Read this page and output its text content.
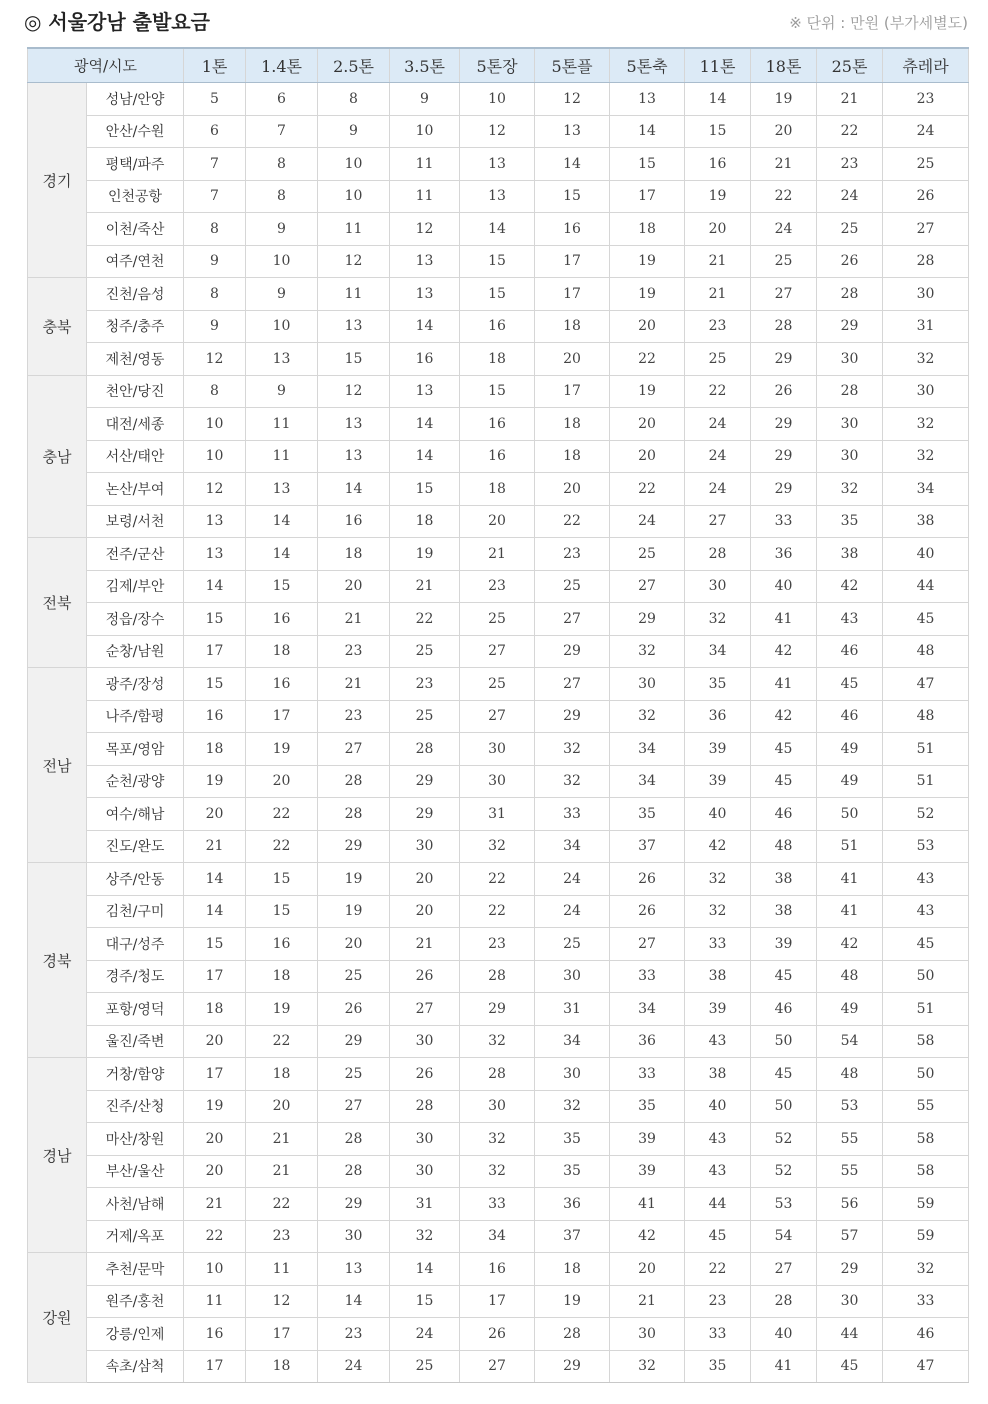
◎ 서울강남 출발요금	※ 단위 : 만원 (부가세별도)
광역/시도		1톤	1.4톤	2.5톤	3.5톤	5톤장	5톤플	5톤축	11톤	18톤	25톤	츄레라
경기	성남/안양	5	6	8	9	10	12	13	14	19	21	23
	안산/수원	6	7	9	10	12	13	14	15	20	22	24
	평택/파주	7	8	10	11	13	14	15	16	21	23	25
	인천공항	7	8	10	11	13	15	17	19	22	24	26
	이천/죽산	8	9	11	12	14	16	18	20	24	25	27
	여주/연천	9	10	12	13	15	17	19	21	25	26	28
충북	진천/음성	8	9	11	13	15	17	19	21	27	28	30
	청주/충주	9	10	13	14	16	18	20	23	28	29	31
	제천/영동	12	13	15	16	18	20	22	25	29	30	32
충남	천안/당진	8	9	12	13	15	17	19	22	26	28	30
	대전/세종	10	11	13	14	16	18	20	24	29	30	32
	서산/태안	10	11	13	14	16	18	20	24	29	30	32
	논산/부여	12	13	14	15	18	20	22	24	29	32	34
	보령/서천	13	14	16	18	20	22	24	27	33	35	38
전북	전주/군산	13	14	18	19	21	23	25	28	36	38	40
	김제/부안	14	15	20	21	23	25	27	30	40	42	44
	정읍/장수	15	16	21	22	25	27	29	32	41	43	45
	순창/남원	17	18	23	25	27	29	32	34	42	46	48
전남	광주/장성	15	16	21	23	25	27	30	35	41	45	47
	나주/함평	16	17	23	25	27	29	32	36	42	46	48
	목포/영암	18	19	27	28	30	32	34	39	45	49	51
	순천/광양	19	20	28	29	30	32	34	39	45	49	51
	여수/해남	20	22	28	29	31	33	35	40	46	50	52
	진도/완도	21	22	29	30	32	34	37	42	48	51	53
경북	상주/안동	14	15	19	20	22	24	26	32	38	41	43
	김천/구미	14	15	19	20	22	24	26	32	38	41	43
	대구/성주	15	16	20	21	23	25	27	33	39	42	45
	경주/청도	17	18	25	26	28	30	33	38	45	48	50
	포항/영덕	18	19	26	27	29	31	34	39	46	49	51
	울진/죽변	20	22	29	30	32	34	36	43	50	54	58
경남	거창/함양	17	18	25	26	28	30	33	38	45	48	50
	진주/산청	19	20	27	28	30	32	35	40	50	53	55
	마산/창원	20	21	28	30	32	35	39	43	52	55	58
	부산/울산	20	21	28	30	32	35	39	43	52	55	58
	사천/남해	21	22	29	31	33	36	41	44	53	56	59
	거제/옥포	22	23	30	32	34	37	42	45	54	57	59
강원	추천/문막	10	11	13	14	16	18	20	22	27	29	32
	원주/홍천	11	12	14	15	17	19	21	23	28	30	33
	강릉/인제	16	17	23	24	26	28	30	33	40	44	46
	속초/삼척	17	18	24	25	27	29	32	35	41	45	47
